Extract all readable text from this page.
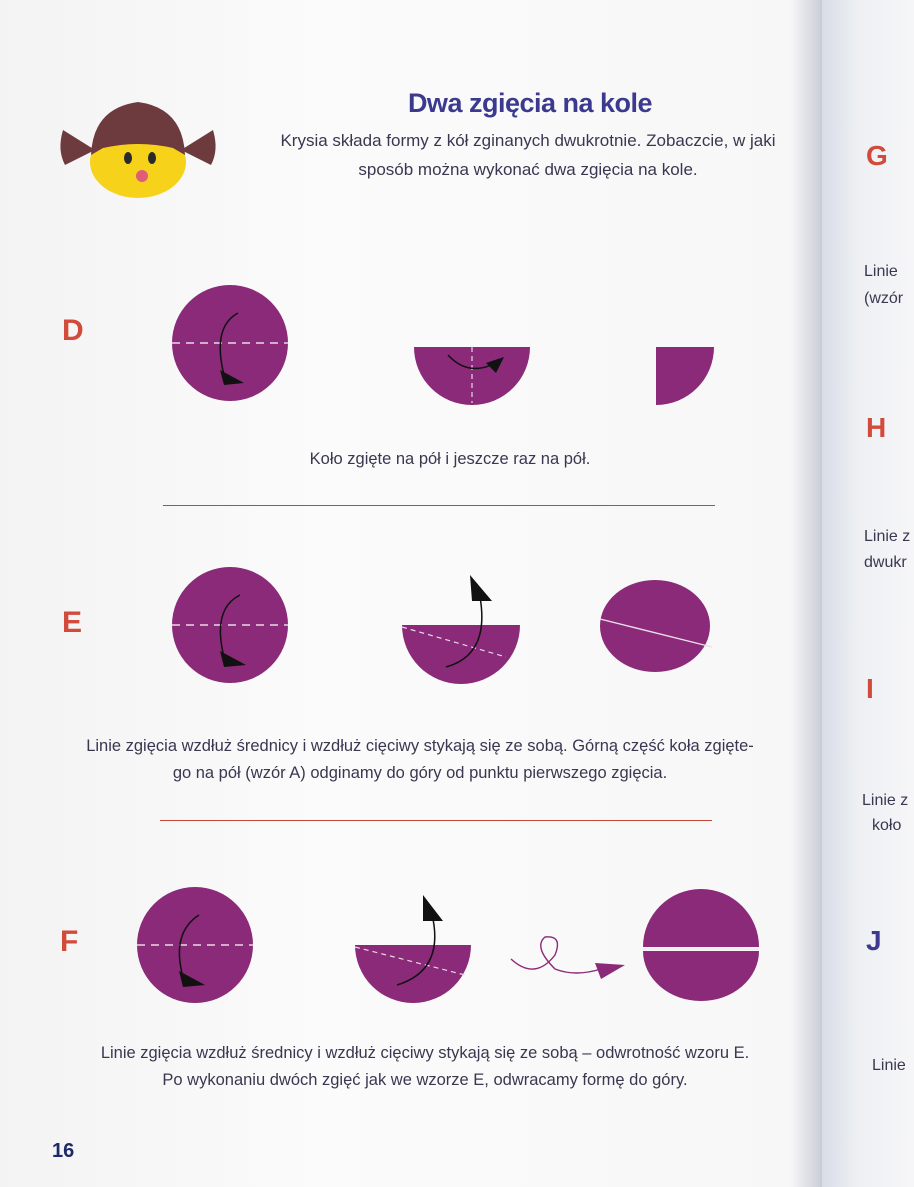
Dwa zgięcia na kole
Krysia składa formy z kół zginanych dwukrotnie. Zobaczcie, w jaki
sposób można wykonać dwa zgięcia na kole.
D
Koło zgięte na pół i jeszcze raz na pół.
E
Linie zgięcia wzdłuż średnicy i wzdłuż cięciwy stykają się ze sobą. Górną część koła zgięte-
go na pół (wzór A) odginamy do góry od punktu pierwszego zgięcia.
F
Linie zgięcia wzdłuż średnicy i wzdłuż cięciwy stykają się ze sobą – odwrotność wzoru E.
Po wykonaniu dwóch zgięć jak we wzorze E, odwracamy formę do góry.
16
G
Linie
(wzór
H
Linie z
dwukr
I
Linie z
koło
J
Linie
